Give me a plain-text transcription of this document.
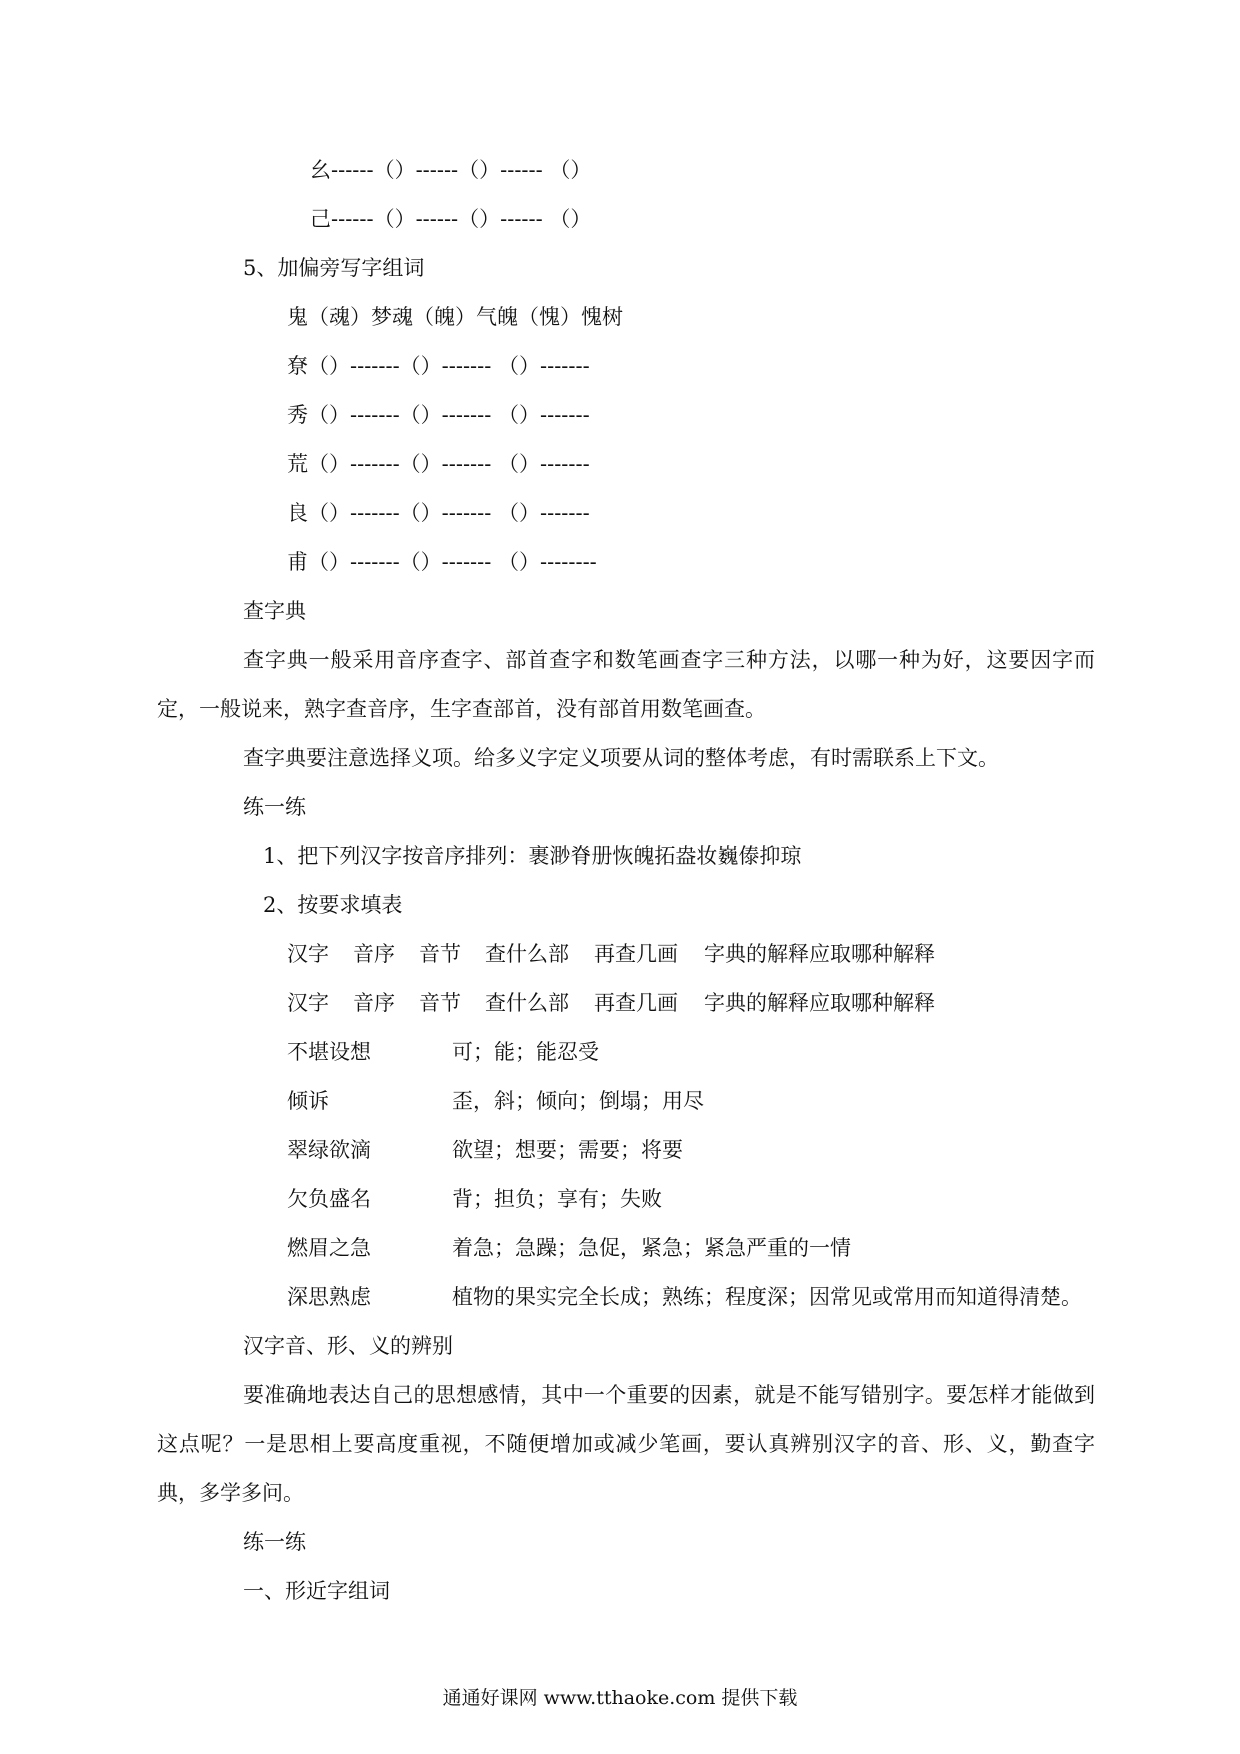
幺------（）------（）------ （）
己------（）------（）------ （）
5、加偏旁写字组词
鬼（魂）梦魂（魄）气魄（愧）愧树
尞（）-------（）------- （）-------
秀（）-------（）------- （）-------
荒（）-------（）------- （）-------
良（）-------（）------- （）-------
甫（）-------（）------- （）--------
查字典
查字典一般采用音序查字、部首查字和数笔画查字三种方法，以哪一种为好，这要因字而定，一般说来，熟字查音序，生字查部首，没有部首用数笔画查。
查字典要注意选择义项。给多义字定义项要从词的整体考虑，有时需联系上下文。
练一练
1、把下列汉字按音序排列：裹渺脊册恢魄拓盎妆巍傣抑琼
2、按要求填表
汉字 音序 音节 查什么部 再查几画 字典的解释应取哪种解释
汉字 音序 音节 查什么部 再查几画 字典的解释应取哪种解释
不堪设想	可；能；能忍受
倾诉	歪，斜；倾向；倒塌；用尽
翠绿欲滴	欲望；想要；需要；将要
欠负盛名	背；担负；享有；失败
燃眉之急	着急；急躁；急促，紧急；紧急严重的一情
深思熟虑	植物的果实完全长成；熟练；程度深；因常见或常用而知道得清楚。
汉字音、形、义的辨别
要准确地表达自己的思想感情，其中一个重要的因素，就是不能写错别字。要怎样才能做到这点呢？一是思相上要高度重视，不随便增加或减少笔画，要认真辨别汉字的音、形、义，勤查字典，多学多问。
练一练
一、形近字组词
通通好课网 www.tthaoke.com 提供下载
